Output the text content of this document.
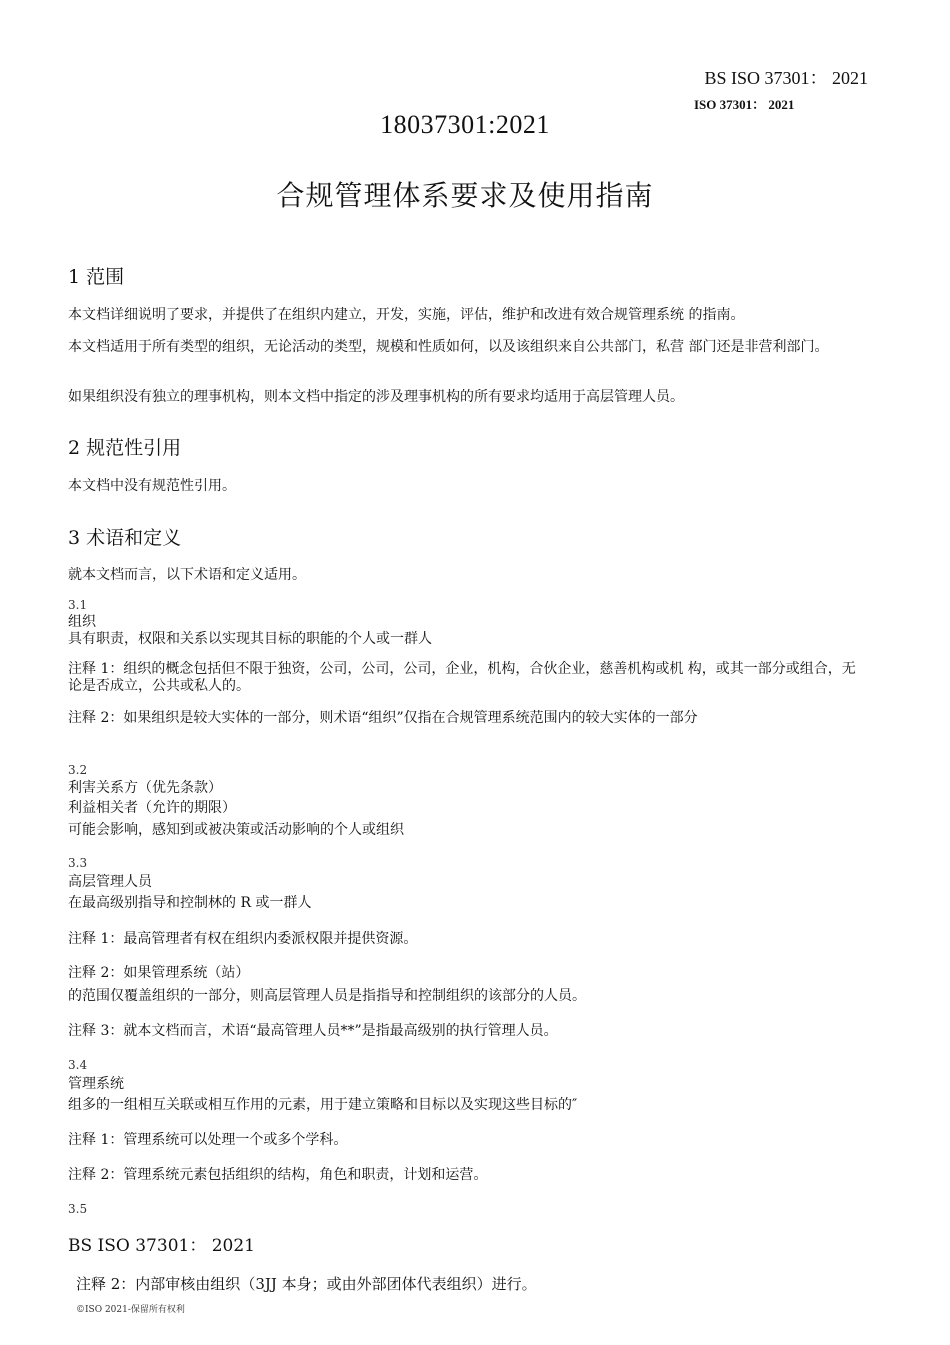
BS ISO 37301： 2021
ISO 37301： 2021
18037301:2021
合规管理体系要求及使用指南
1 范围
本文档详细说明了要求，并提供了在组织内建立，开发，实施，评估，维护和改进有效合规管理系统 的指南。
本文档适用于所有类型的组织，无论活动的类型，规模和性质如何，以及该组织来自公共部门，私营 部门还是非营利部门。
如果组织没有独立的理事机构，则本文档中指定的涉及理事机构的所有要求均适用于高层管理人员。
2 规范性引用
本文档中没有规范性引用。
3 术语和定义
就本文档而言，以下术语和定义适用。
3.1
组织
具有职责，权限和关系以实现其目标的职能的个人或一群人
注释 1：组织的概念包括但不限于独资，公司，公司，公司，企业，机构，合伙企业，慈善机构或机 构，或其一部分或组合，无论是否成立，公共或私人的。
注释 2：如果组织是较大实体的一部分，则术语“组织”仅指在合规管理系统范围内的较大实体的一部分
3.2
利害关系方（优先条款）
利益相关者（允许的期限）
可能会影响，感知到或被决策或活动影响的个人或组织
3.3
高层管理人员
在最高级别指导和控制林的 R 或一群人
注释 1：最高管理者有权在组织内委派权限并提供资源。
注释 2：如果管理系统（站）
的范围仅覆盖组织的一部分，则高层管理人员是指指导和控制组织的该部分的人员。
注释 3：就本文档而言，术语“最高管理人员**”是指最高级别的执行管理人员。
3.4
管理系统
组多的一组相互关联或相互作用的元素，用于建立策略和目标以及实现这些目标的″
注释 1：管理系统可以处理一个或多个学科。
注释 2：管理系统元素包括组织的结构，角色和职责，计划和运营。
3.5
BS ISO 37301： 2021
注释 2：内部审核由组织（3JJ 本身；或由外部团体代表组织）进行。
©ISO 2021-保留所有权利
